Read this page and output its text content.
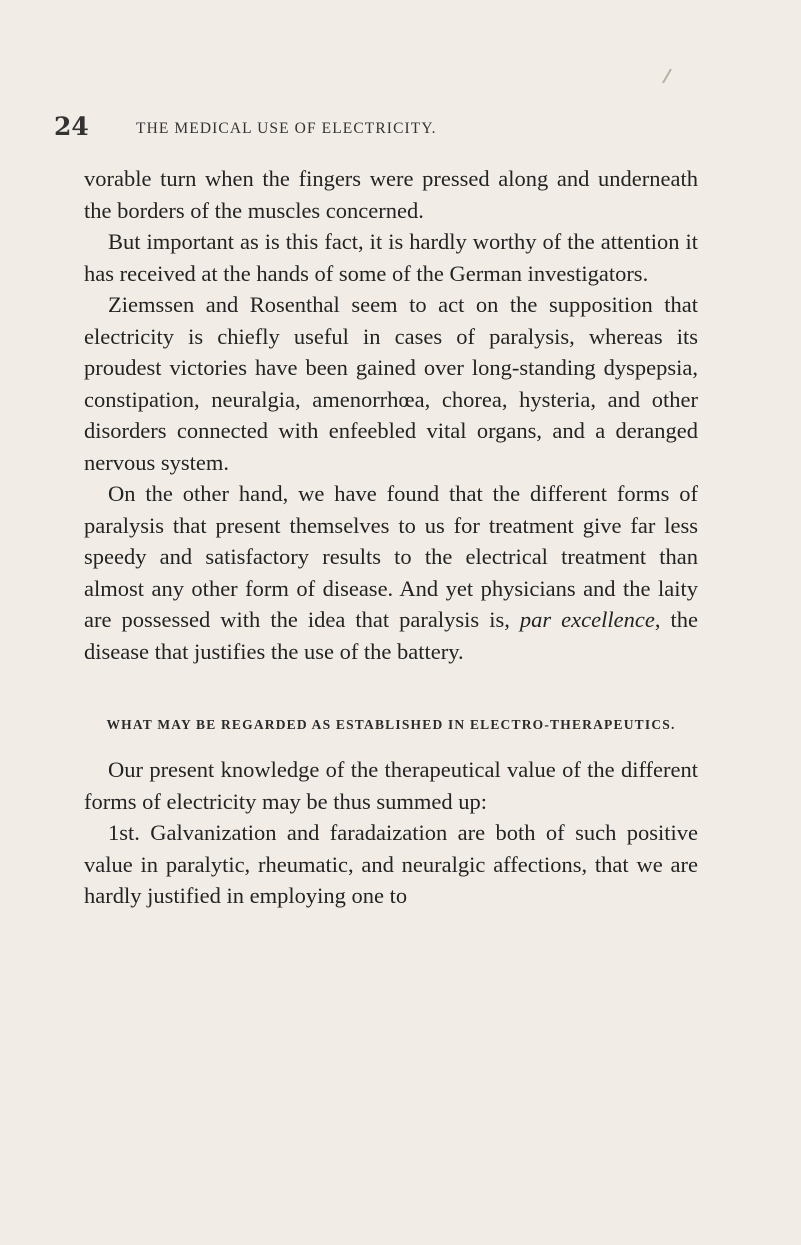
24	THE MEDICAL USE OF ELECTRICITY.

vorable turn when the fingers were pressed along and underneath the borders of the muscles concerned.

But important as is this fact, it is hardly worthy of the attention it has received at the hands of some of the German investigators.

Ziemssen and Rosenthal seem to act on the supposition that electricity is chiefly useful in cases of paralysis, whereas its proudest victories have been gained over long-standing dyspepsia, constipation, neuralgia, amenorrhœa, chorea, hysteria, and other disorders connected with enfeebled vital organs, and a deranged nervous system.

On the other hand, we have found that the different forms of paralysis that present themselves to us for treatment give far less speedy and satisfactory results to the electrical treatment than almost any other form of disease. And yet physicians and the laity are possessed with the idea that paralysis is, par excellence, the disease that justifies the use of the battery.

WHAT MAY BE REGARDED AS ESTABLISHED IN ELECTRO-THERAPEUTICS.

Our present knowledge of the therapeutical value of the different forms of electricity may be thus summed up:

1st. Galvanization and faradaization are both of such positive value in paralytic, rheumatic, and neuralgic affections, that we are hardly justified in employing one to
